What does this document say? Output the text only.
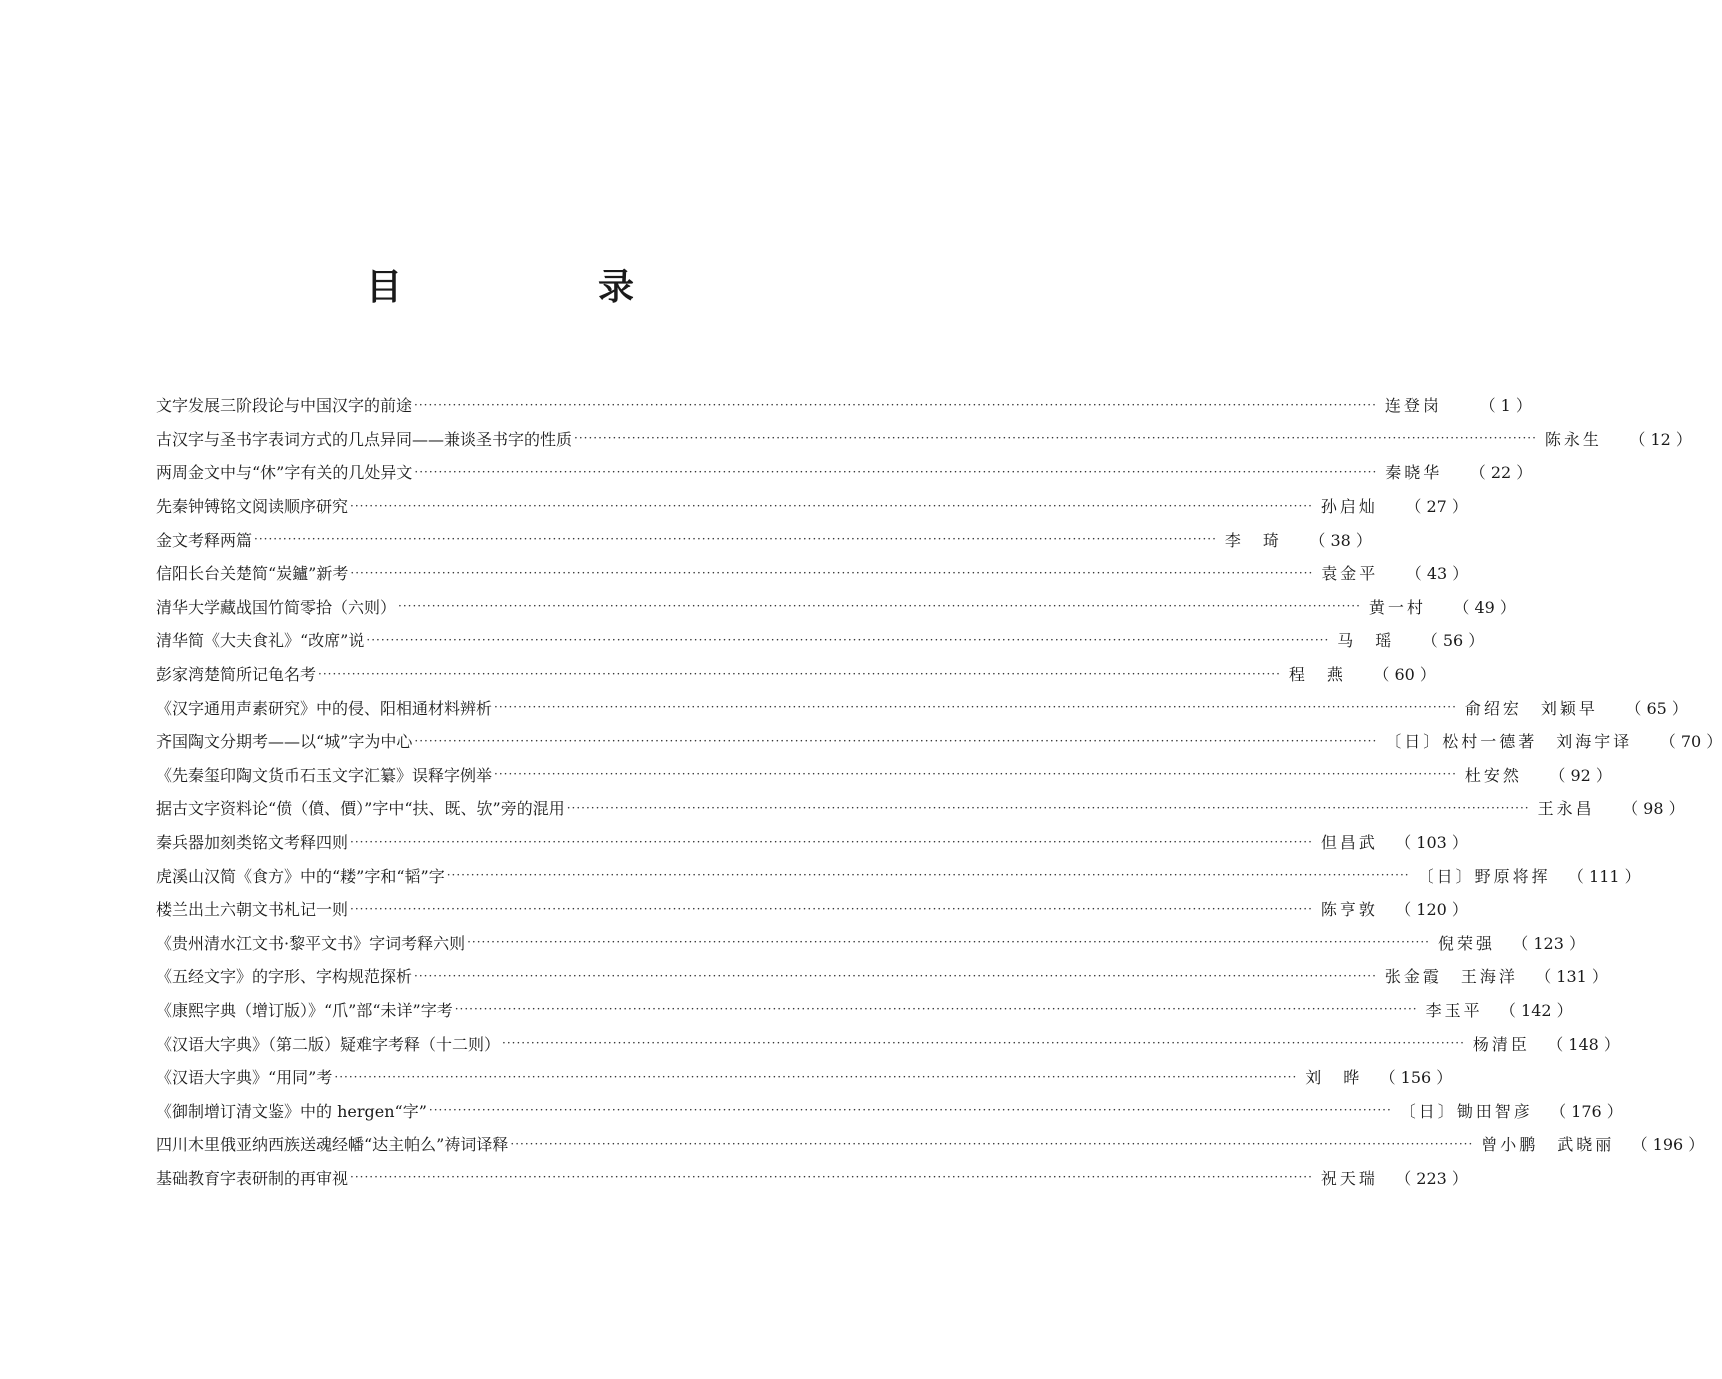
目　录
文字发展三阶段论与中国汉字的前途 ········································································································································································································ 连登岗	（ 1 ）
古汉字与圣书字表词方式的几点异同——兼谈圣书字的性质 ········································································································································································································ 陈永生	（ 12 ）
两周金文中与“休”字有关的几处异文 ········································································································································································································ 秦晓华	（ 22 ）
先秦钟镈铭文阅读顺序研究 ········································································································································································································ 孙启灿	（ 27 ）
金文考释两篇 ········································································································································································································ 李　琦	（ 38 ）
信阳长台关楚简“炭鑪”新考 ········································································································································································································ 袁金平	（ 43 ）
清华大学藏战国竹简零拾（六则） ········································································································································································································ 黄一村	（ 49 ）
清华简《大夫食礼》“改席”说 ········································································································································································································ 马　瑶	（ 56 ）
彭家湾楚简所记龟名考 ········································································································································································································ 程　燕	（ 60 ）
《汉字通用声素研究》中的侵、阳相通材料辨析 ········································································································································································································ 俞绍宏　刘颖早	（ 65 ）
齐国陶文分期考——以“城”字为中心 ········································································································································································································ 〔日〕松村一德著　刘海宇译	（ 70 ）
《先秦玺印陶文货币石玉文字汇纂》误释字例举 ········································································································································································································ 杜安然	（ 92 ）
据古文字资料论“偾（僨、價）”字中“扶、既、欤”旁的混用 ········································································································································································································ 王永昌	（ 98 ）
秦兵器加刻类铭文考释四则 ········································································································································································································ 但昌武	（ 103 ）
虎溪山汉简《食方》中的“耧”字和“韬”字 ········································································································································································································ 〔日〕野原将挥	（ 111 ）
楼兰出土六朝文书札记一则 ········································································································································································································ 陈亨敦	（ 120 ）
《贵州清水江文书·黎平文书》字词考释六则 ········································································································································································································ 倪荣强	（ 123 ）
《五经文字》的字形、字构规范探析 ········································································································································································································ 张金霞　王海洋	（ 131 ）
《康熙字典（增订版）》“爪”部“未详”字考 ········································································································································································································ 李玉平	（ 142 ）
《汉语大字典》（第二版）疑难字考释（十二则） ········································································································································································································ 杨清臣	（ 148 ）
《汉语大字典》“用同”考 ········································································································································································································ 刘　晔	（ 156 ）
《御制增订清文鉴》中的 hergen“字” ········································································································································································································ 〔日〕锄田智彦	（ 176 ）
四川木里俄亚纳西族送魂经幡“达主帕么”祷词译释 ········································································································································································································ 曾小鹏　武晓丽	（ 196 ）
基础教育字表研制的再审视 ········································································································································································································ 祝天瑞	（ 223 ）
